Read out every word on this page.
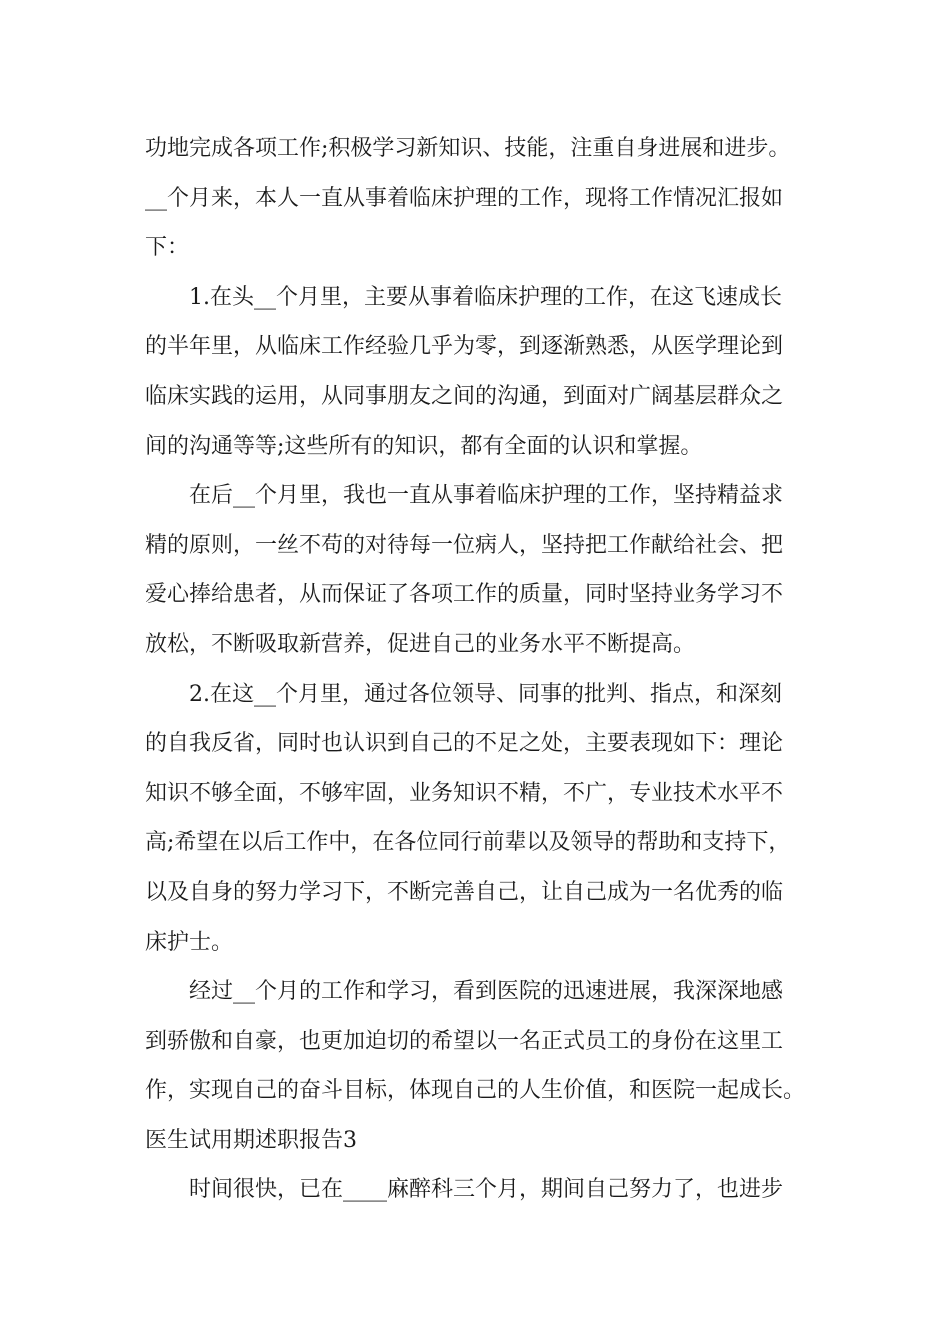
功地完成各项工作;积极学习新知识、技能，注重自身进展和进步。
__个月来，本人一直从事着临床护理的工作，现将工作情况汇报如
下：
1.在头__个月里，主要从事着临床护理的工作，在这飞速成长
的半年里，从临床工作经验几乎为零，到逐渐熟悉，从医学理论到
临床实践的运用，从同事朋友之间的沟通，到面对广阔基层群众之
间的沟通等等;这些所有的知识，都有全面的认识和掌握。
在后__个月里，我也一直从事着临床护理的工作，坚持精益求
精的原则，一丝不苟的对待每一位病人，坚持把工作献给社会、把
爱心捧给患者，从而保证了各项工作的质量，同时坚持业务学习不
放松，不断吸取新营养，促进自己的业务水平不断提高。
2.在这__个月里，通过各位领导、同事的批判、指点，和深刻
的自我反省，同时也认识到自己的不足之处，主要表现如下：理论
知识不够全面，不够牢固，业务知识不精，不广，专业技术水平不
高;希望在以后工作中，在各位同行前辈以及领导的帮助和支持下，
以及自身的努力学习下，不断完善自己，让自己成为一名优秀的临
床护士。
经过__个月的工作和学习，看到医院的迅速进展，我深深地感
到骄傲和自豪，也更加迫切的希望以一名正式员工的身份在这里工
作，实现自己的奋斗目标，体现自己的人生价值，和医院一起成长。
医生试用期述职报告3
时间很快，已在____麻醉科三个月，期间自己努力了，也进步
